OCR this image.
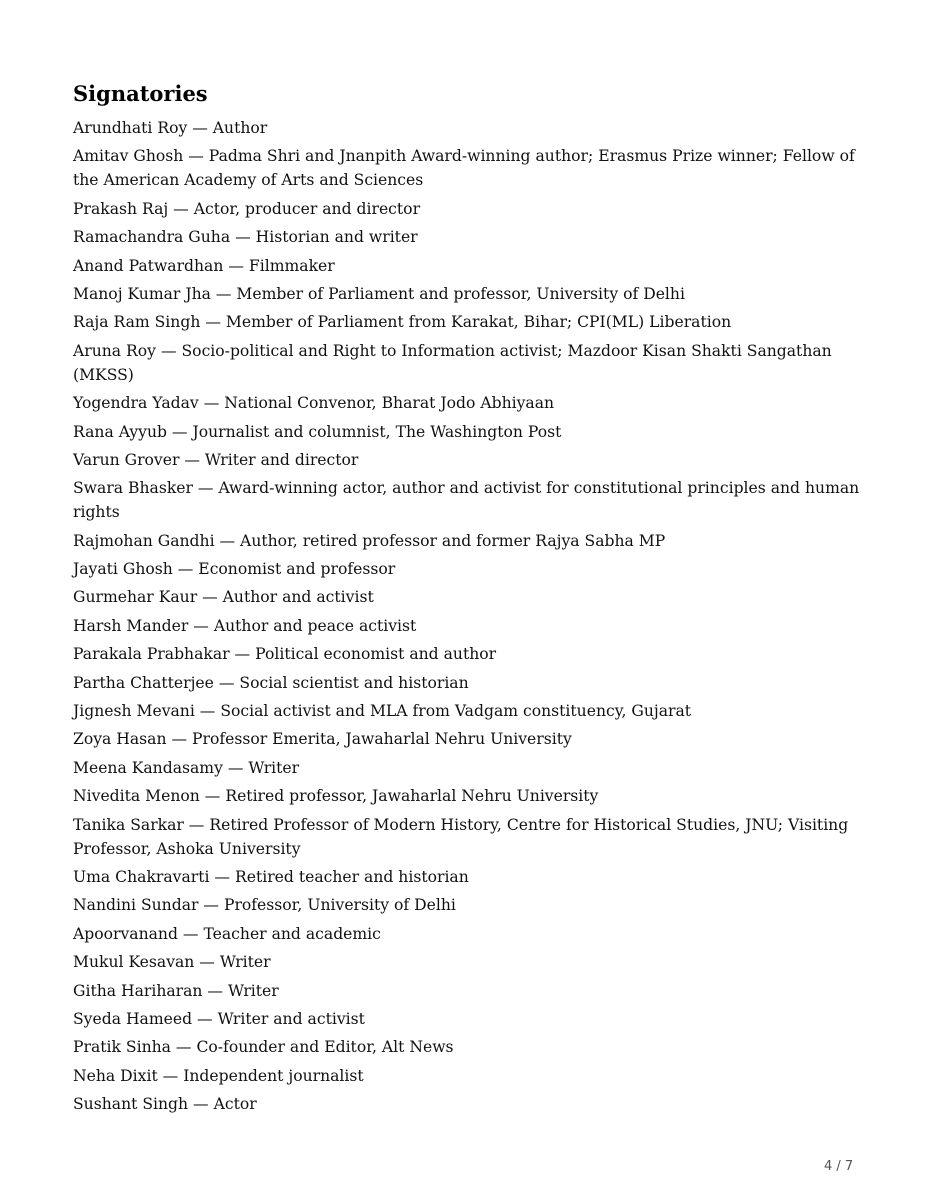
Signatories
Arundhati Roy — Author
Amitav Ghosh — Padma Shri and Jnanpith Award-winning author; Erasmus Prize winner; Fellow of the American Academy of Arts and Sciences
Prakash Raj — Actor, producer and director
Ramachandra Guha — Historian and writer
Anand Patwardhan — Filmmaker
Manoj Kumar Jha — Member of Parliament and professor, University of Delhi
Raja Ram Singh — Member of Parliament from Karakat, Bihar; CPI(ML) Liberation
Aruna Roy — Socio-political and Right to Information activist; Mazdoor Kisan Shakti Sangathan (MKSS)
Yogendra Yadav — National Convenor, Bharat Jodo Abhiyaan
Rana Ayyub — Journalist and columnist, The Washington Post
Varun Grover — Writer and director
Swara Bhasker — Award-winning actor, author and activist for constitutional principles and human rights
Rajmohan Gandhi — Author, retired professor and former Rajya Sabha MP
Jayati Ghosh — Economist and professor
Gurmehar Kaur — Author and activist
Harsh Mander — Author and peace activist
Parakala Prabhakar — Political economist and author
Partha Chatterjee — Social scientist and historian
Jignesh Mevani — Social activist and MLA from Vadgam constituency, Gujarat
Zoya Hasan — Professor Emerita, Jawaharlal Nehru University
Meena Kandasamy — Writer
Nivedita Menon — Retired professor, Jawaharlal Nehru University
Tanika Sarkar — Retired Professor of Modern History, Centre for Historical Studies, JNU; Visiting Professor, Ashoka University
Uma Chakravarti — Retired teacher and historian
Nandini Sundar — Professor, University of Delhi
Apoorvanand — Teacher and academic
Mukul Kesavan — Writer
Githa Hariharan — Writer
Syeda Hameed — Writer and activist
Pratik Sinha — Co-founder and Editor, Alt News
Neha Dixit — Independent journalist
Sushant Singh — Actor
4 / 7
